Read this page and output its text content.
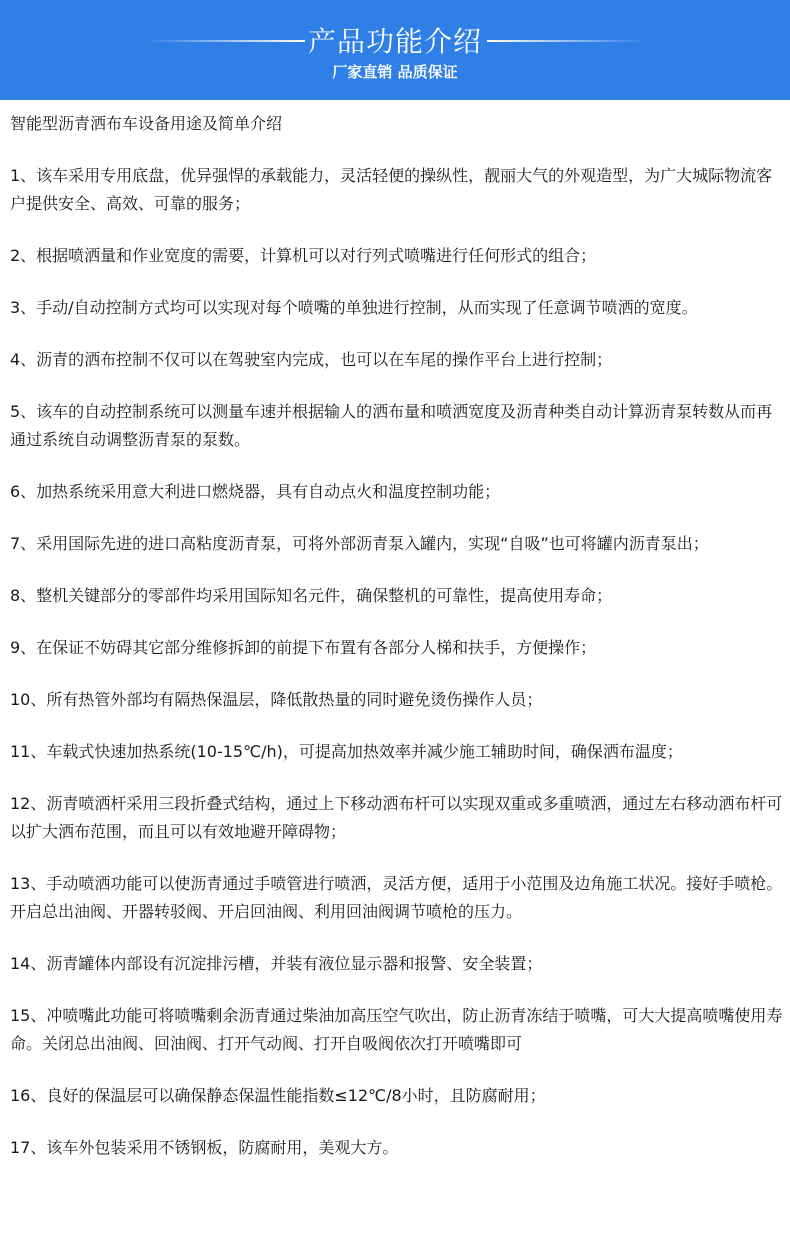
产品功能介绍
厂家直销 品质保证

智能型沥青洒布车设备用途及简单介绍

1、该车采用专用底盘，优异强悍的承载能力，灵活轻便的操纵性，靓丽大气的外观造型，为广大城际物流客户提供安全、高效、可靠的服务；

2、根据喷洒量和作业宽度的需要，计算机可以对行列式喷嘴进行任何形式的组合；

3、手动/自动控制方式均可以实现对每个喷嘴的单独进行控制，从而实现了任意调节喷洒的宽度。

4、沥青的洒布控制不仅可以在驾驶室内完成，也可以在车尾的操作平台上进行控制；

5、该车的自动控制系统可以测量车速并根据输人的洒布量和喷洒宽度及沥青种类自动计算沥青泵转数从而再通过系统自动调整沥青泵的泵数。

6、加热系统采用意大利进口燃烧器，具有自动点火和温度控制功能；

7、采用国际先进的进口高粘度沥青泵，可将外部沥青泵入罐内，实现“自吸”也可将罐内沥青泵出；

8、整机关键部分的零部件均采用国际知名元件，确保整机的可靠性，提高使用寿命；

9、在保证不妨碍其它部分维修拆卸的前提下布置有各部分人梯和扶手，方便操作；

10、所有热管外部均有隔热保温层，降低散热量的同时避免烫伤操作人员；

11、车载式快速加热系统(10-15℃/h)，可提高加热效率并减少施工辅助时间，确保洒布温度；

12、沥青喷洒杆采用三段折叠式结构，通过上下移动洒布杆可以实现双重或多重喷洒，通过左右移动洒布杆可以扩大洒布范围，而且可以有效地避开障碍物；

13、手动喷洒功能可以使沥青通过手喷管进行喷洒，灵活方便，适用于小范围及边角施工状况。接好手喷枪。开启总出油阀、开器转驳阀、开启回油阀、利用回油阀调节喷枪的压力。

14、沥青罐体内部设有沉淀排污槽，并装有液位显示器和报警、安全装置；

15、冲喷嘴此功能可将喷嘴剩余沥青通过柴油加高压空气吹出，防止沥青冻结于喷嘴，可大大提高喷嘴使用寿命。关闭总出油阀、回油阀、打开气动阀、打开自吸阀依次打开喷嘴即可

16、良好的保温层可以确保静态保温性能指数≤12℃/8小时，且防腐耐用；

17、该车外包装采用不锈钢板，防腐耐用，美观大方。
